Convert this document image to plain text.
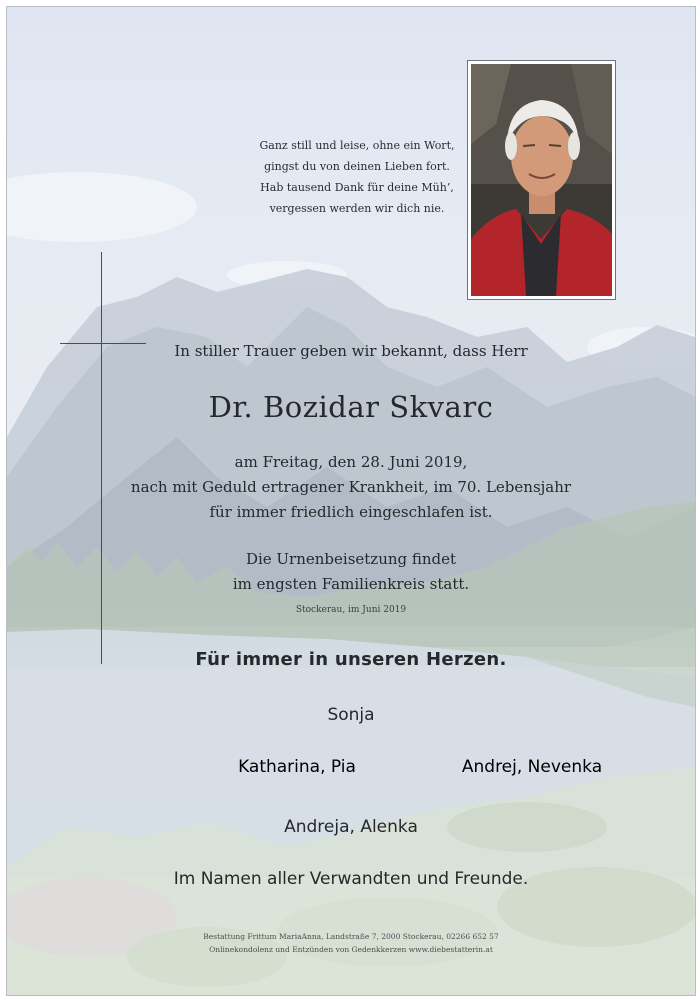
Ganz still und leise, ohne ein Wort,
gingst du von deinen Lieben fort.
Hab tausend Dank für deine Müh’,
vergessen werden wir dich nie.
In stiller Trauer geben wir bekannt, dass Herr
Dr. Bozidar Skvarc
am Freitag, den 28. Juni 2019,
nach mit Geduld ertragener Krankheit, im 70. Lebensjahr
für immer friedlich eingeschlafen ist.
Die Urnenbeisetzung findet
im engsten Familienkreis statt.
Stockerau, im Juni 2019
Für immer in unseren Herzen.
Sonja
Katharina, Pia	Andrej, Nevenka
Andreja, Alenka
Im Namen aller Verwandten und Freunde.
Bestattung Frittum MariaAnna, Landstraße 7, 2000 Stockerau, 02266 652 57
Onlinekondolenz und Entzünden von Gedenkkerzen www.diebestatterin.at
